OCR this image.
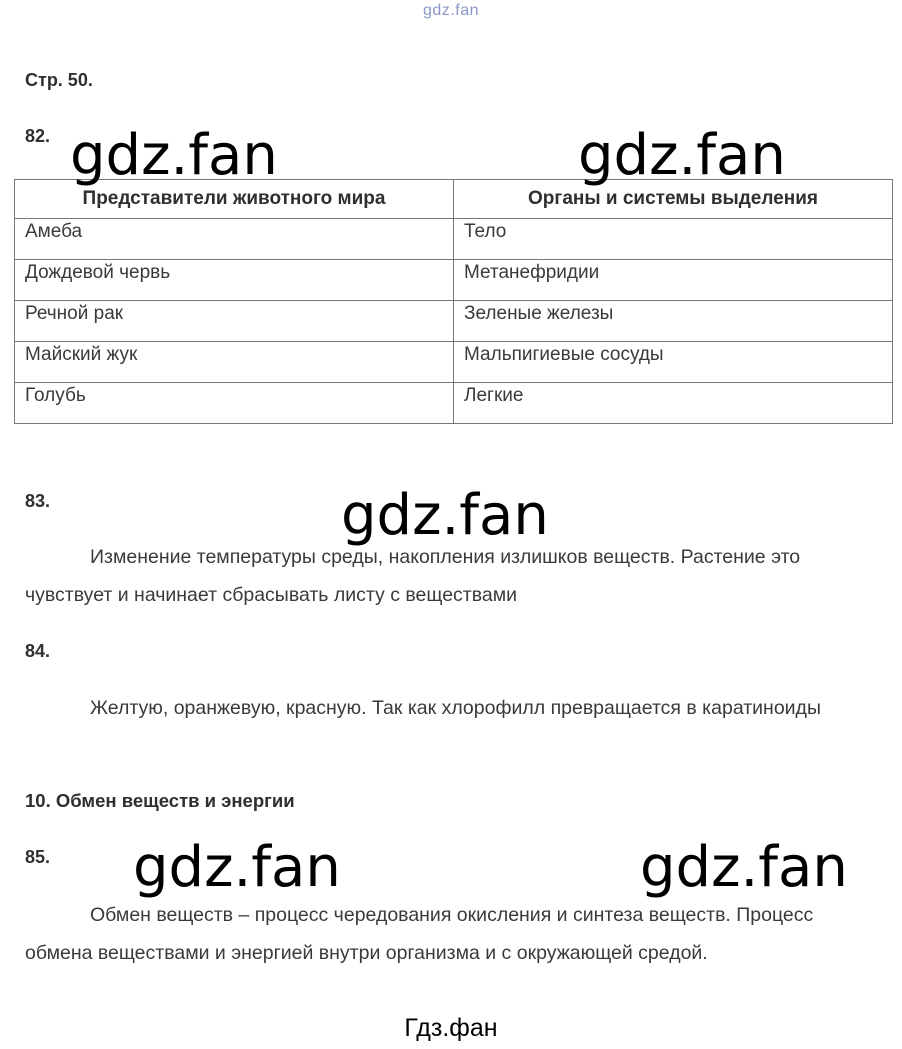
gdz.fan
Стр. 50.
82.
Представители животного мира	Органы и системы выделения
Амеба	Тело
Дождевой червь	Метанефридии
Речной рак	Зеленые железы
Майский жук	Мальпигиевые сосуды
Голубь	Легкие
83.
Изменение температуры среды, накопления излишков веществ. Растение это чувствует и начинает сбрасывать листу с веществами
84.
Желтую, оранжевую, красную. Так как хлорофилл превращается в каратиноиды
10. Обмен веществ и энергии
85.
Обмен веществ – процесс чередования окисления и синтеза веществ. Процесс обмена веществами и энергией внутри организма и с окружающей средой.
gdz.fan	gdz.fan
gdz.fan
gdz.fan	gdz.fan
Гдз.фан
